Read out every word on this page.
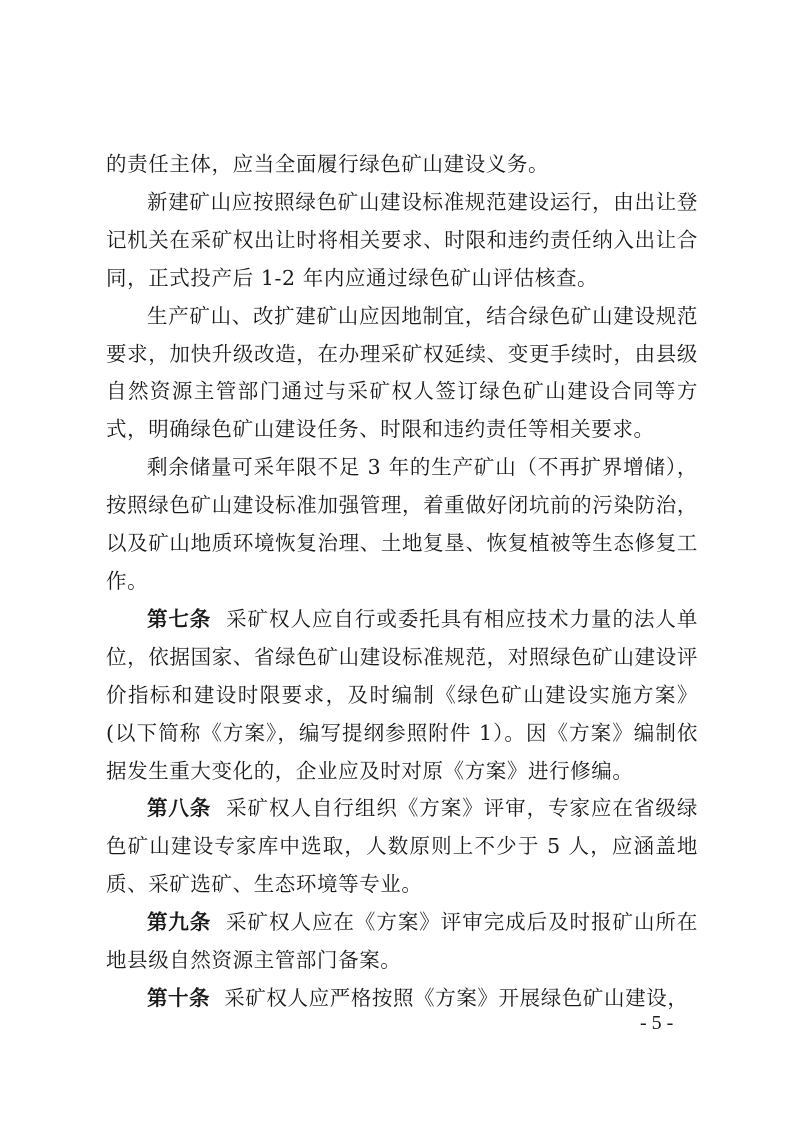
的责任主体，应当全面履行绿色矿山建设义务。

新建矿山应按照绿色矿山建设标准规范建设运行，由出让登记机关在采矿权出让时将相关要求、时限和违约责任纳入出让合同，正式投产后 1-2 年内应通过绿色矿山评估核查。

生产矿山、改扩建矿山应因地制宜，结合绿色矿山建设规范要求，加快升级改造，在办理采矿权延续、变更手续时，由县级自然资源主管部门通过与采矿权人签订绿色矿山建设合同等方式，明确绿色矿山建设任务、时限和违约责任等相关要求。

剩余储量可采年限不足 3 年的生产矿山（不再扩界增储），按照绿色矿山建设标准加强管理，着重做好闭坑前的污染防治，以及矿山地质环境恢复治理、土地复垦、恢复植被等生态修复工作。

第七条 采矿权人应自行或委托具有相应技术力量的法人单位，依据国家、省绿色矿山建设标准规范，对照绿色矿山建设评价指标和建设时限要求，及时编制《绿色矿山建设实施方案》(以下简称《方案》，编写提纲参照附件 1）。因《方案》编制依据发生重大变化的，企业应及时对原《方案》进行修编。

第八条 采矿权人自行组织《方案》评审，专家应在省级绿色矿山建设专家库中选取，人数原则上不少于 5 人，应涵盖地质、采矿选矿、生态环境等专业。

第九条 采矿权人应在《方案》评审完成后及时报矿山所在地县级自然资源主管部门备案。

第十条 采矿权人应严格按照《方案》开展绿色矿山建设，

- 5 -
